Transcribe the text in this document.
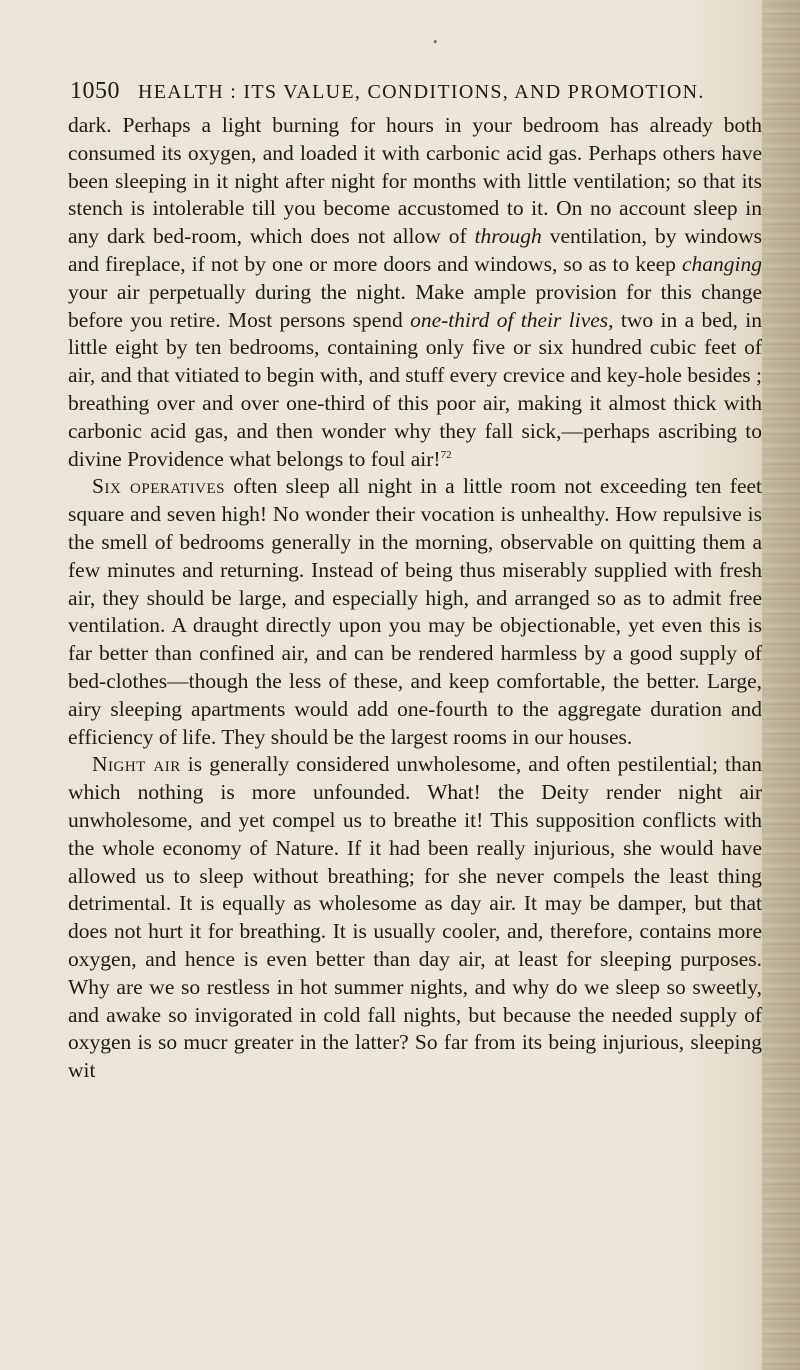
•
1050 HEALTH : ITS VALUE, CONDITIONS, AND PROMOTION.

dark. Perhaps a light burning for hours in your bedroom has already both consumed its oxygen, and loaded it with carbonic acid gas. Perhaps others have been sleeping in it night after night for months with little ventilation; so that its stench is intolerable till you become accustomed to it. On no account sleep in any dark bed-room, which does not allow of through ventilation, by windows and fireplace, if not by one or more doors and windows, so as to keep changing your air perpetually during the night. Make ample provision for this change before you retire. Most persons spend one-third of their lives, two in a bed, in little eight by ten bedrooms, containing only five or six hundred cubic feet of air, and that vitiated to begin with, and stuff every crevice and key-hole besides ; breathing over and over one-third of this poor air, making it almost thick with carbonic acid gas, and then wonder why they fall sick,—perhaps ascribing to divine Providence what belongs to foul air!$^{72}$

Six operatives often sleep all night in a little room not exceeding ten feet square and seven high! No wonder their vocation is unhealthy. How repulsive is the smell of bedrooms generally in the morning, observable on quitting them a few minutes and returning. Instead of being thus miserably supplied with fresh air, they should be large, and especially high, and arranged so as to admit free ventilation. A draught directly upon you may be objectionable, yet even this is far better than confined air, and can be rendered harmless by a good supply of bed-clothes—though the less of these, and keep comfortable, the better. Large, airy sleeping apartments would add one-fourth to the aggregate duration and efficiency of life. They should be the largest rooms in our houses.

Night air is generally considered unwholesome, and often pestilential; than which nothing is more unfounded. What! the Deity render night air unwholesome, and yet compel us to breathe it! This supposition conflicts with the whole economy of Nature. If it had been really injurious, she would have allowed us to sleep without breathing; for she never compels the least thing detrimental. It is equally as wholesome as day air. It may be damper, but that does not hurt it for breathing. It is usually cooler, and, therefore, contains more oxygen, and hence is even better than day air, at least for sleeping purposes. Why are we so restless in hot summer nights, and why do we sleep so sweetly, and awake so invigorated in cold fall nights, but because the needed supply of oxygen is so mucr greater in the latter? So far from its being injurious, sleeping wit
